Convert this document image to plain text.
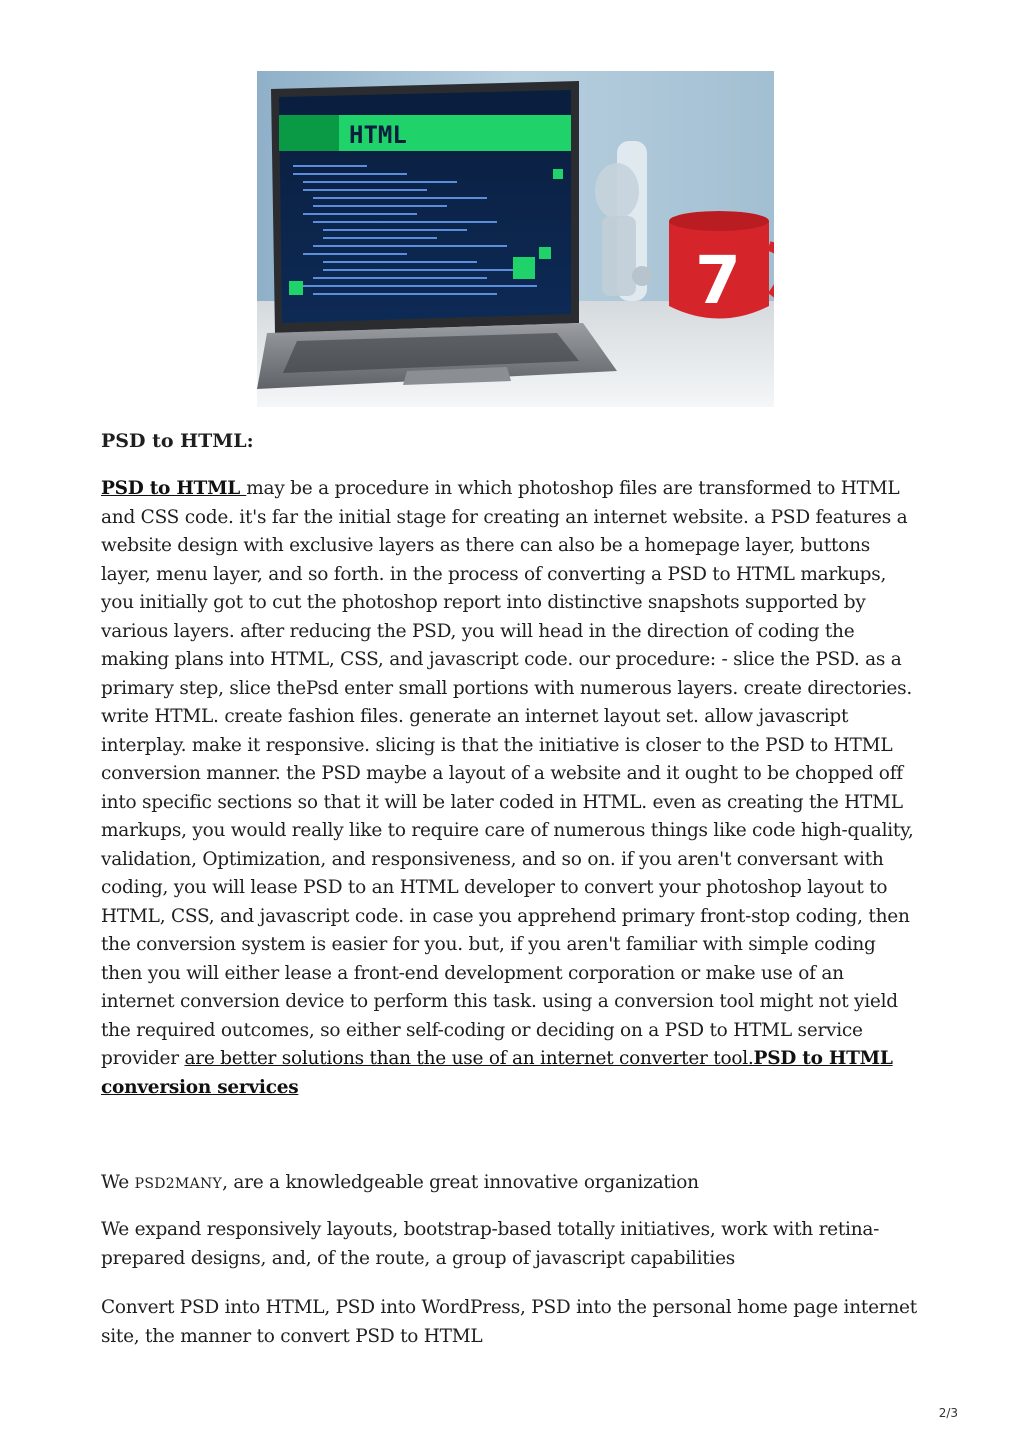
HTML
7
PSD to HTML:

PSD to HTML may be a procedure in which photoshop files are transformed to HTML and CSS code. it's far the initial stage for creating an internet website. a PSD features a website design with exclusive layers as there can also be a homepage layer, buttons layer, menu layer, and so forth. in the process of converting a PSD to HTML markups, you initially got to cut the photoshop report into distinctive snapshots supported by various layers. after reducing the PSD, you will head in the direction of coding the making plans into HTML, CSS, and javascript code. our procedure: - slice the PSD. as a primary step, slice thePsd enter small portions with numerous layers. create directories. write HTML. create fashion files. generate an internet layout set. allow javascript interplay. make it responsive. slicing is that the initiative is closer to the PSD to HTML conversion manner. the PSD maybe a layout of a website and it ought to be chopped off into specific sections so that it will be later coded in HTML. even as creating the HTML markups, you would really like to require care of numerous things like code high-quality, validation, Optimization, and responsiveness, and so on. if you aren't conversant with coding, you will lease PSD to an HTML developer to convert your photoshop layout to HTML, CSS, and javascript code. in case you apprehend primary front-stop coding, then the conversion system is easier for you. but, if you aren't familiar with simple coding then you will either lease a front-end development corporation or make use of an internet conversion device to perform this task. using a conversion tool might not yield the required outcomes, so either self-coding or deciding on a PSD to HTML service provider are better solutions than the use of an internet converter tool.PSD to HTML conversion services

We PSD2MANY, are a knowledgeable great innovative organization

We expand responsively layouts, bootstrap-based totally initiatives, work with retina-prepared designs, and, of the route, a group of javascript capabilities

Convert PSD into HTML, PSD into WordPress, PSD into the personal home page internet site, the manner to convert PSD to HTML

2/3
